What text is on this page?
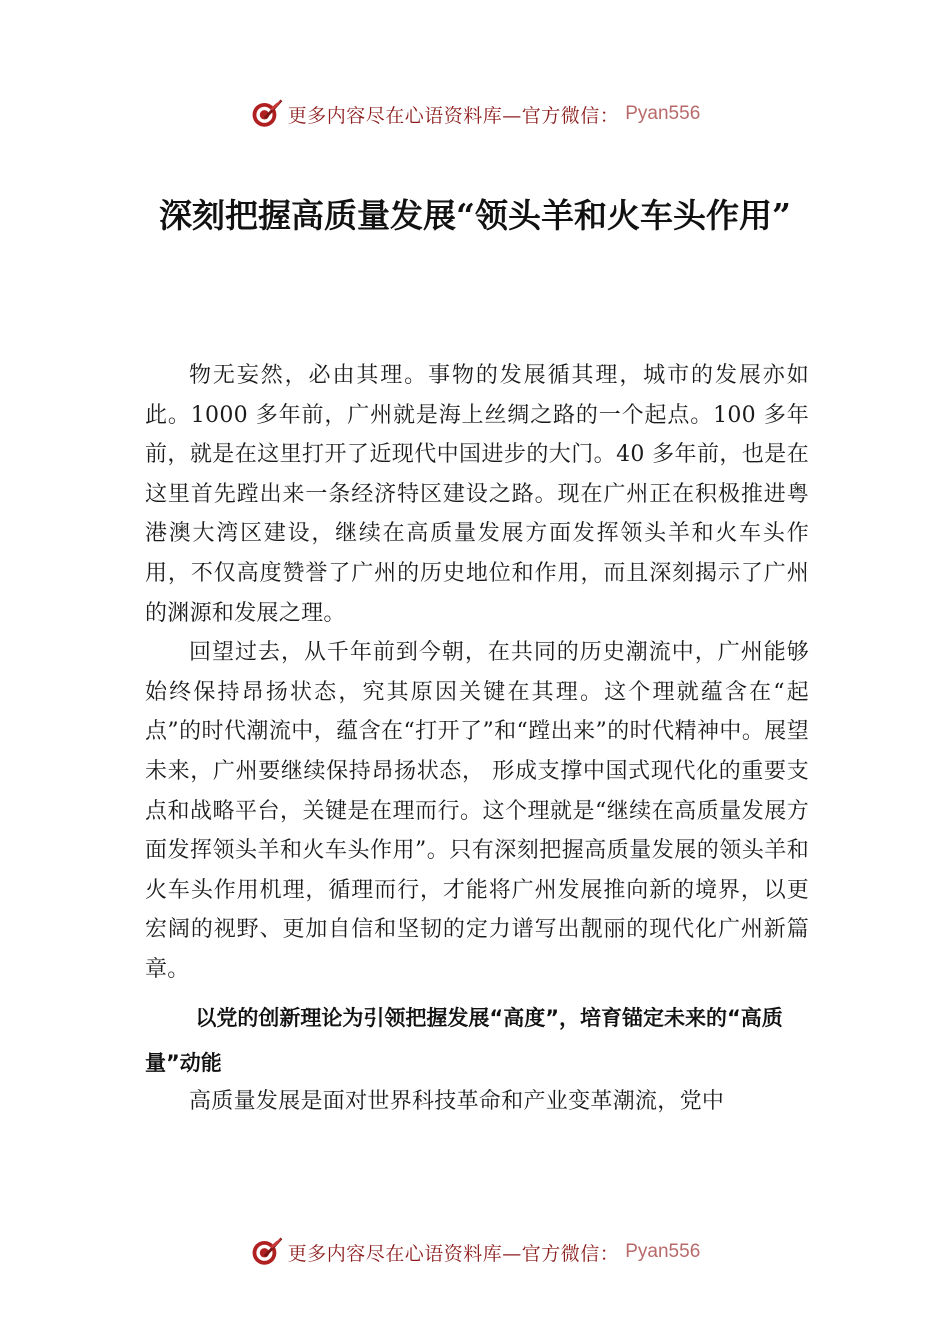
更多内容尽在心语资料库—官方微信： Pyan556
深刻把握高质量发展“领头羊和火车头作用”

物无妄然，必由其理。事物的发展循其理，城市的发展亦如此。1000 多年前，广州就是海上丝绸之路的一个起点。100 多年前，就是在这里打开了近现代中国进步的大门。40 多年前，也是在这里首先蹚出来一条经济特区建设之路。现在广州正在积极推进粤港澳大湾区建设，继续在高质量发展方面发挥领头羊和火车头作用，不仅高度赞誉了广州的历史地位和作用，而且深刻揭示了广州的渊源和发展之理。

回望过去，从千年前到今朝，在共同的历史潮流中，广州能够始终保持昂扬状态，究其原因关键在其理。这个理就蕴含在“起点”的时代潮流中，蕴含在“打开了”和“蹚出来”的时代精神中。展望未来，广州要继续保持昂扬状态， 形成支撑中国式现代化的重要支点和战略平台，关键是在理而行。这个理就是“继续在高质量发展方面发挥领头羊和火车头作用”。只有深刻把握高质量发展的领头羊和火车头作用机理，循理而行，才能将广州发展推向新的境界，以更宏阔的视野、更加自信和坚韧的定力谱写出靓丽的现代化广州新篇章。

以党的创新理论为引领把握发展“高度”，培育锚定未来的“高质量”动能

高质量发展是面对世界科技革命和产业变革潮流，党中

更多内容尽在心语资料库—官方微信： Pyan556
